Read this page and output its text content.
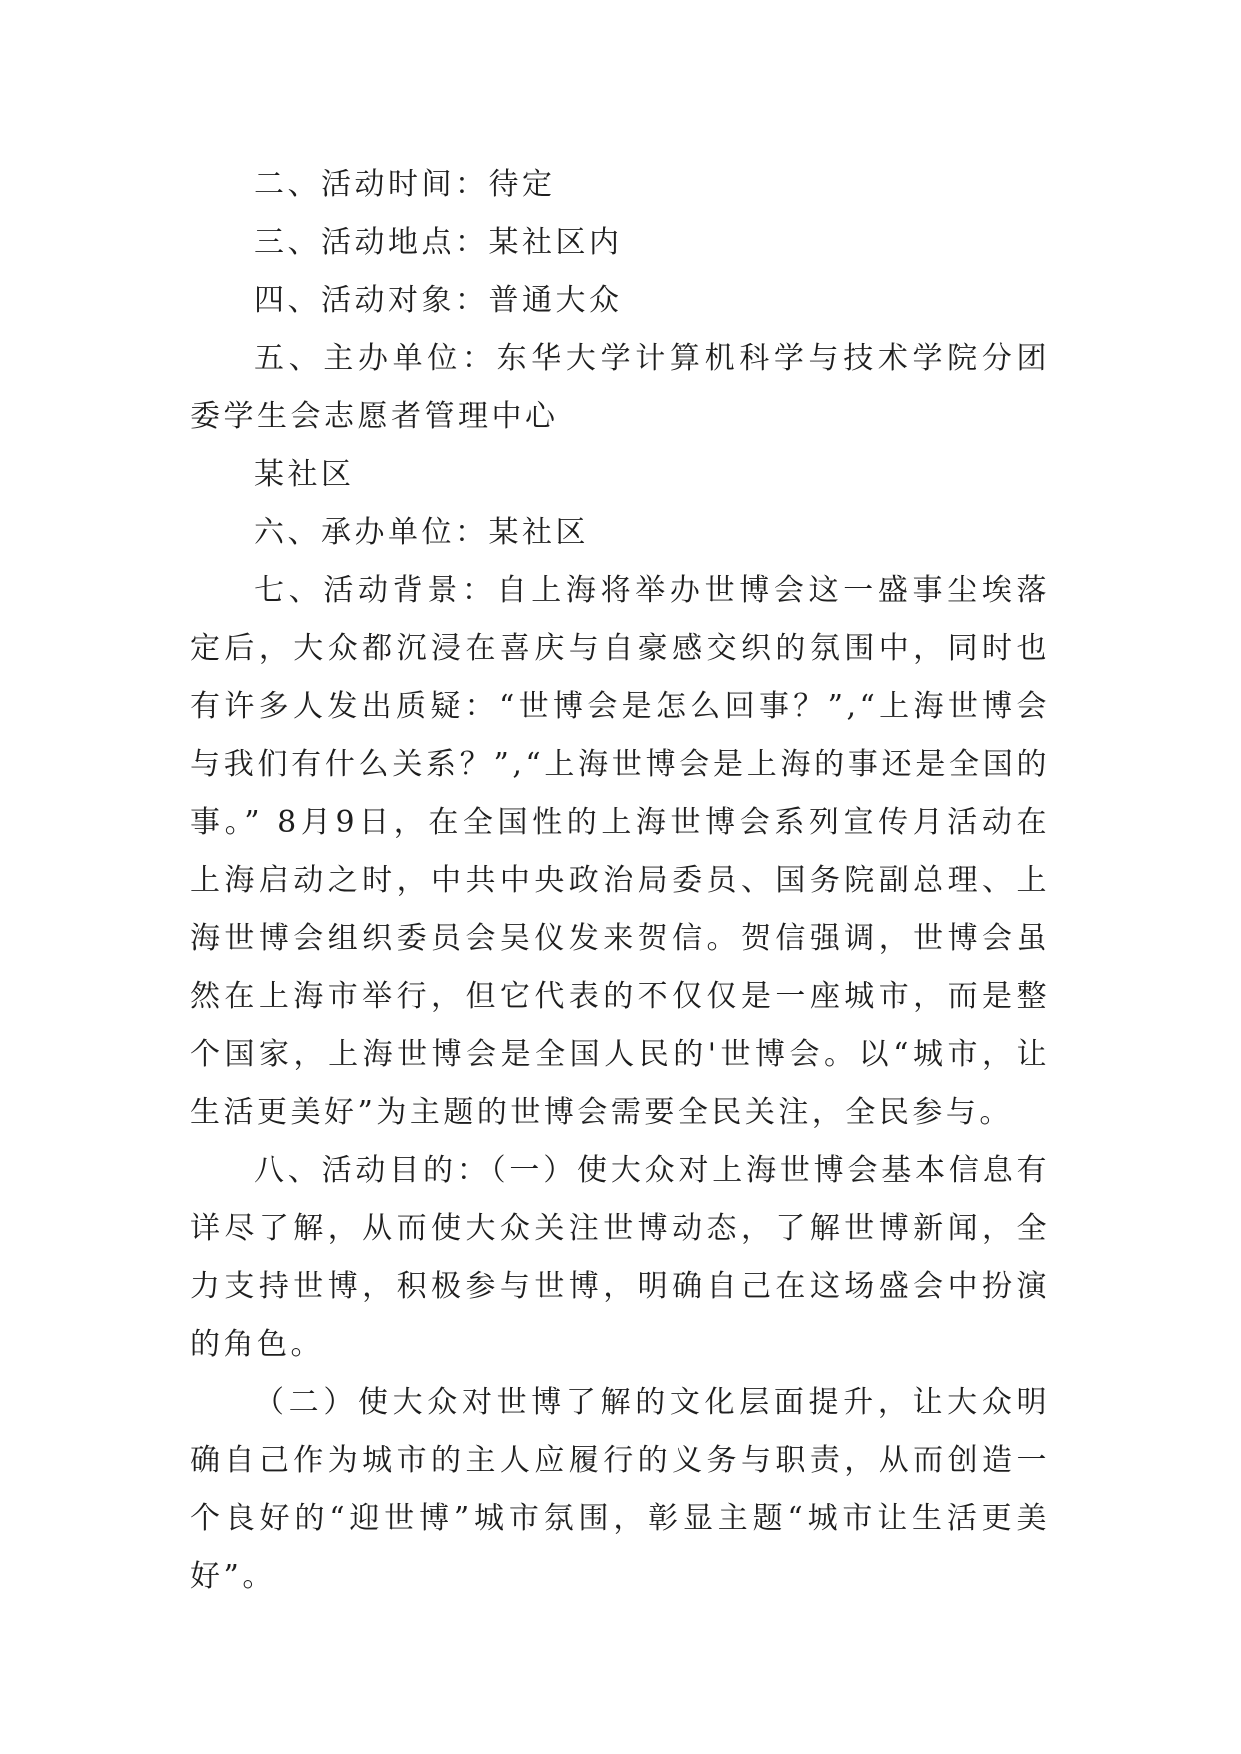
二、活动时间：待定

三、活动地点：某社区内

四、活动对象：普通大众

五、主办单位：东华大学计算机科学与技术学院分团委学生会志愿者管理中心

某社区

六、承办单位：某社区

七、活动背景：自上海将举办世博会这一盛事尘埃落定后，大众都沉浸在喜庆与自豪感交织的氛围中，同时也有许多人发出质疑：“世博会是怎么回事？”,“上海世博会与我们有什么关系？”,“上海世博会是上海的事还是全国的事。” 8月9日，在全国性的上海世博会系列宣传月活动在上海启动之时，中共中央政治局委员、国务院副总理、上海世博会组织委员会吴仪发来贺信。贺信强调，世博会虽然在上海市举行，但它代表的不仅仅是一座城市，而是整个国家，上海世博会是全国人民的'世博会。以“城市，让生活更美好”为主题的世博会需要全民关注，全民参与。

八、活动目的：（一）使大众对上海世博会基本信息有详尽了解，从而使大众关注世博动态，了解世博新闻，全力支持世博，积极参与世博，明确自己在这场盛会中扮演的角色。

（二）使大众对世博了解的文化层面提升，让大众明确自己作为城市的主人应履行的义务与职责，从而创造一个良好的“迎世博”城市氛围，彰显主题“城市让生活更美好”。
